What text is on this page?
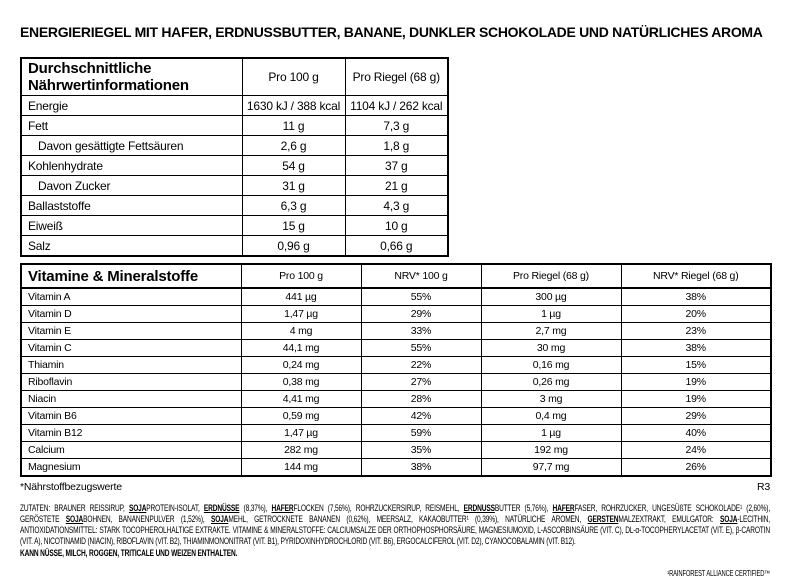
ENERGIERIEGEL MIT HAFER, ERDNUSSBUTTER, BANANE, DUNKLER SCHOKOLADE UND NATÜRLICHES AROMA
Durchschnittliche Nährwertinformationen	Pro 100 g	Pro Riegel (68 g)
Energie	1630 kJ / 388 kcal	1104 kJ / 262 kcal
Fett	11 g	7,3 g
Davon gesättigte Fettsäuren	2,6 g	1,8 g
Kohlenhydrate	54 g	37 g
Davon Zucker	31 g	21 g
Ballaststoffe	6,3 g	4,3 g
Eiweiß	15 g	10 g
Salz	0,96 g	0,66 g
Vitamine & Mineralstoffe	Pro 100 g	NRV* 100 g	Pro Riegel (68 g)	NRV* Riegel (68 g)
Vitamin A	441 µg	55%	300 µg	38%
Vitamin D	1,47 µg	29%	1 µg	20%
Vitamin E	4 mg	33%	2,7 mg	23%
Vitamin C	44,1 mg	55%	30 mg	38%
Thiamin	0,24 mg	22%	0,16 mg	15%
Riboflavin	0,38 mg	27%	0,26 mg	19%
Niacin	4,41 mg	28%	3 mg	19%
Vitamin B6	0,59 mg	42%	0,4 mg	29%
Vitamin B12	1,47 µg	59%	1 µg	40%
Calcium	282 mg	35%	192 mg	24%
Magnesium	144 mg	38%	97,7 mg	26%
*Nährstoffbezugswerte	R3
ZUTATEN: BRAUNER REISSIRUP, SOJAPROTEIN-ISOLAT, ERDNÜSSE (8,37%), HAFERFLOCKEN (7,56%), ROHRZUCKERSIRUP, REISMEHL, ERDNUSSBUTTER (5,76%), HAFERFASER, ROHRZUCKER, UNGESÜßTE SCHOKOLADE¹ (2,60%), GERÖSTETE SOJABOHNEN, BANANENPULVER (1,52%), SOJAMEHL, GETROCKNETE BANANEN (0,62%), MEERSALZ, KAKAOBUTTER¹ (0,39%), NATÜRLICHE AROMEN, GERSTENMALZEXTRAKT, EMULGATOR: SOJA-LECITHIN, ANTIOXIDATIONSMITTEL: STARK TOCOPHEROLHALTIGE EXTRAKTE. VITAMINE & MINERALSTOFFE: CALCIUMSALZE DER ORTHOPHOSPHORSÄURE, MAGNESIUMOXID, L-ASCORBINSÄURE (VIT. C), DL-α-TOCOPHERYLACETAT (VIT. E), β-CAROTIN (VIT. A), NICOTINAMID (NIACIN), RIBOFLAVIN (VIT. B2), THIAMINMONONITRAT (VIT. B1), PYRIDOXINHYDROCHLORID (VIT. B6), ERGOCALCIFEROL (VIT. D2), CYANOCOBALAMIN (VIT. B12).
KANN NÜSSE, MILCH, ROGGEN, TRITICALE UND WEIZEN ENTHALTEN.
¹RAINFOREST ALLIANCE CERTIFIED™
